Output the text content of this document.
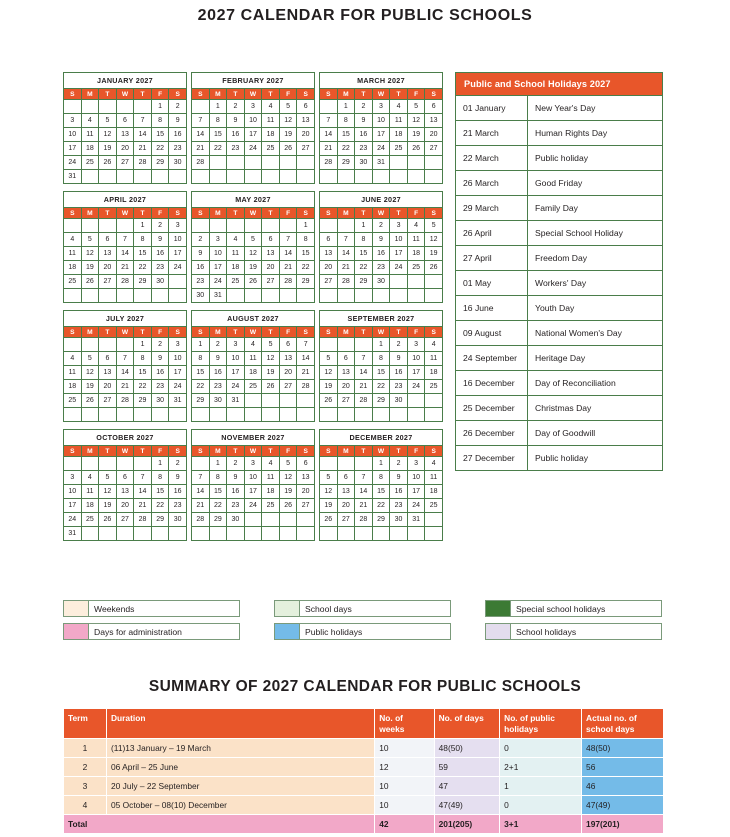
2027 CALENDAR FOR PUBLIC SCHOOLS
JANUARY 2027						
S	M	T	W	T	F	S
					1	2
3	4	5	6	7	8	9
10	11	12	13	14	15	16
17	18	19	20	21	22	23
24	25	26	27	28	29	30
31						
FEBRUARY 2027						
S	M	T	W	T	F	S
	1	2	3	4	5	6
7	8	9	10	11	12	13
14	15	16	17	18	19	20
21	22	23	24	25	26	27
28						

MARCH 2027						
S	M	T	W	T	F	S
	1	2	3	4	5	6
7	8	9	10	11	12	13
14	15	16	17	18	19	20
21	22	23	24	25	26	27
28	29	30	31			

APRIL 2027						
S	M	T	W	T	F	S
				1	2	3
4	5	6	7	8	9	10
11	12	13	14	15	16	17
18	19	20	21	22	23	24
25	26	27	28	29	30	

MAY 2027						
S	M	T	W	T	F	S
						1
2	3	4	5	6	7	8
9	10	11	12	13	14	15
16	17	18	19	20	21	22
23	24	25	26	27	28	29
30	31					
JUNE 2027						
S	M	T	W	T	F	S
		1	2	3	4	5
6	7	8	9	10	11	12
13	14	15	16	17	18	19
20	21	22	23	24	25	26
27	28	29	30			

JULY 2027						
S	M	T	W	T	F	S
				1	2	3
4	5	6	7	8	9	10
11	12	13	14	15	16	17
18	19	20	21	22	23	24
25	26	27	28	29	30	31

AUGUST 2027						
S	M	T	W	T	F	S
1	2	3	4	5	6	7
8	9	10	11	12	13	14
15	16	17	18	19	20	21
22	23	24	25	26	27	28
29	30	31				

SEPTEMBER 2027						
S	M	T	W	T	F	S
			1	2	3	4
5	6	7	8	9	10	11
12	13	14	15	16	17	18
19	20	21	22	23	24	25
26	27	28	29	30		

OCTOBER 2027						
S	M	T	W	T	F	S
					1	2
3	4	5	6	7	8	9
10	11	12	13	14	15	16
17	18	19	20	21	22	23
24	25	26	27	28	29	30
31						
NOVEMBER 2027						
S	M	T	W	T	F	S
	1	2	3	4	5	6
7	8	9	10	11	12	13
14	15	16	17	18	19	20
21	22	23	24	25	26	27
28	29	30				

DECEMBER 2027						
S	M	T	W	T	F	S
			1	2	3	4
5	6	7	8	9	10	11
12	13	14	15	16	17	18
19	20	21	22	23	24	25
26	27	28	29	30	31	

Public and School Holidays 2027	
01 January	New Year's Day
21 March	Human Rights Day
22 March	Public holiday
26 March	Good Friday
29 March	Family Day
26 April	Special School Holiday
27 April	Freedom Day
01 May	Workers' Day
16 June	Youth Day
09 August	National Women's Day
24 September	Heritage Day
16 December	Day of Reconciliation
25 December	Christmas Day
26 December	Day of Goodwill
27 December	Public holiday
Weekends	School days	Special school holidays
Days for administration	Public holidays	School holidays
SUMMARY OF 2027 CALENDAR FOR PUBLIC SCHOOLS
Term	Duration	No. of weeks	No. of days	No. of public holidays	Actual no. of school days
1	(11)13 January – 19 March	10	48(50)	0	48(50)
2	06 April – 25 June	12	59	2+1	56
3	20 July – 22 September	10	47	1	46
4	05 October – 08(10) December	10	47(49)	0	47(49)
Total		42	201(205)	3+1	197(201)
